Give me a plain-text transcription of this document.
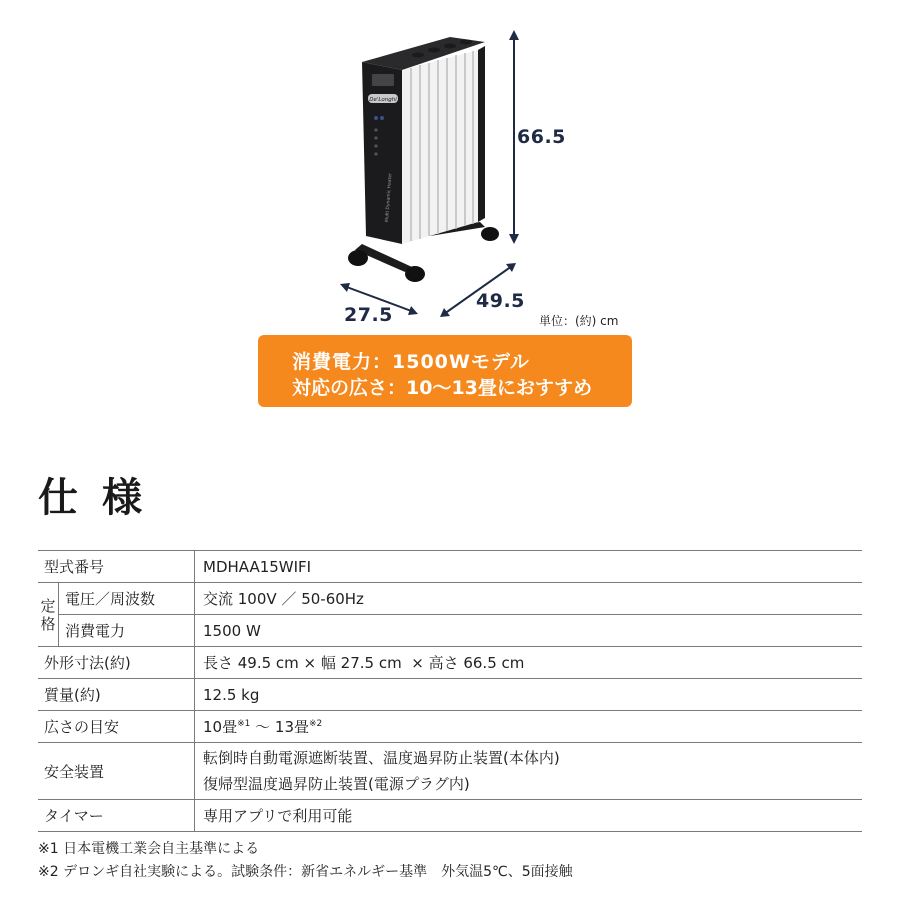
De'Longhi
Multi Dynamic Heater
66.5
27.5
49.5
単位：(約) cm
消費電力：1500Wモデル
対応の広さ：10〜13畳におすすめ
仕様
型式番号		MDHAA15WIFI

定
格	電圧／周波数	交流 100V ／ 50-60Hz
	消費電力	1500 W
外形寸法(約)		長さ 49.5 cm × 幅 27.5 cm  × 高さ 66.5 cm
質量(約)		12.5 kg
広さの目安		10畳$^{※1}$ 〜 13畳$^{※2}$
安全装置		転倒時自動電源遮断装置、温度過昇防止装置(本体内)
復帰型温度過昇防止装置(電源プラグ内)

タイマー		専用アプリで利用可能
※1 日本電機工業会自主基準による
※2 デロンギ自社実験による。試験条件：新省エネルギー基準　外気温5℃、5面接触
